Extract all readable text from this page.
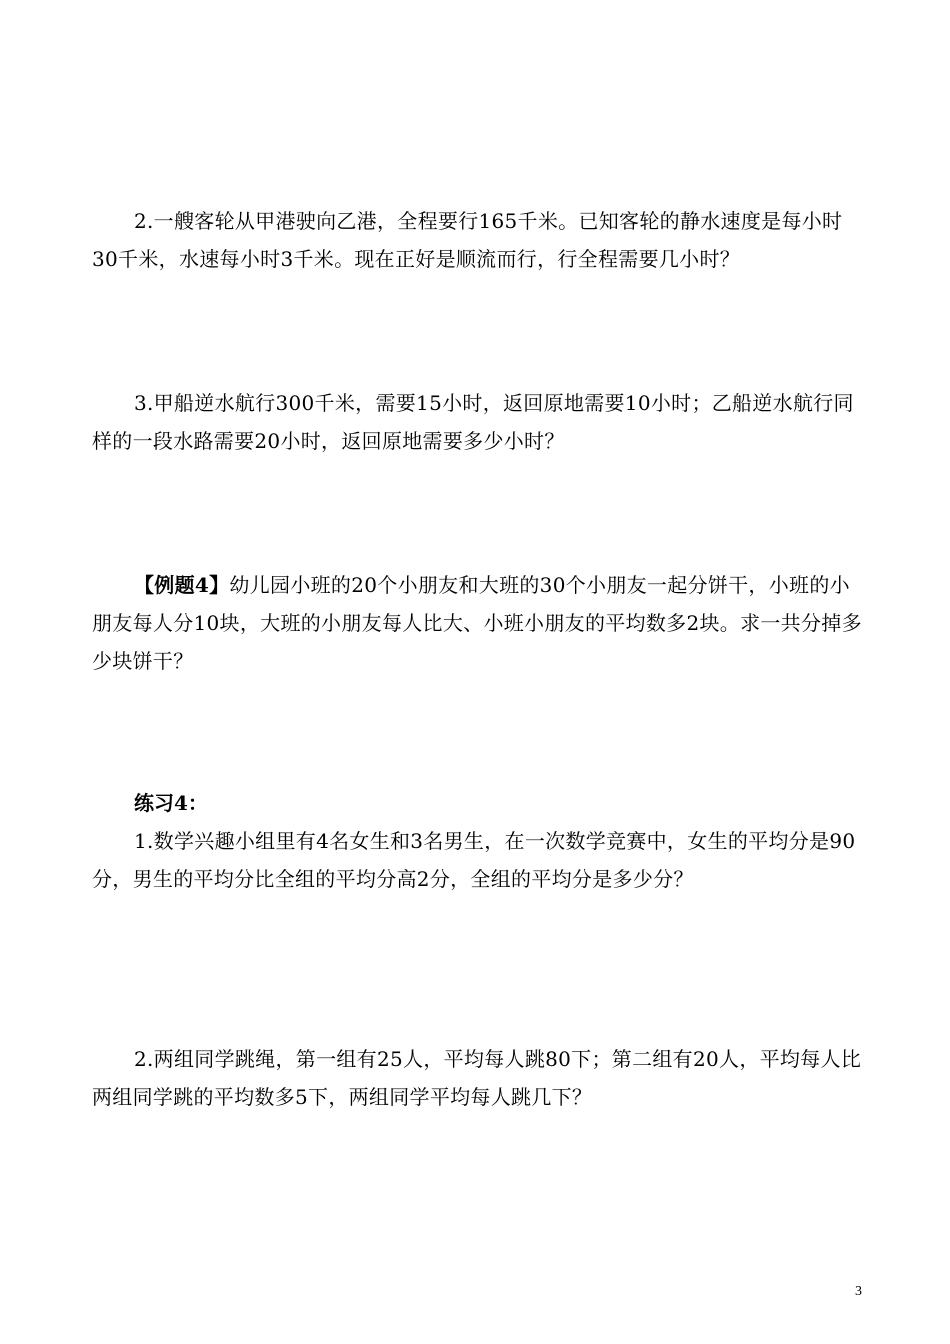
2.一艘客轮从甲港驶向乙港，全程要行165千米。已知客轮的静水速度是每小时30千米，水速每小时3千米。现在正好是顺流而行，行全程需要几小时？

3.甲船逆水航行300千米，需要15小时，返回原地需要10小时；乙船逆水航行同样的一段水路需要20小时，返回原地需要多少小时？

【例题4】幼儿园小班的20个小朋友和大班的30个小朋友一起分饼干，小班的小朋友每人分10块，大班的小朋友每人比大、小班小朋友的平均数多2块。求一共分掉多少块饼干？

练习4：

1.数学兴趣小组里有4名女生和3名男生，在一次数学竞赛中，女生的平均分是90分，男生的平均分比全组的平均分高2分，全组的平均分是多少分？

2.两组同学跳绳，第一组有25人，平均每人跳80下；第二组有20人，平均每人比两组同学跳的平均数多5下，两组同学平均每人跳几下？

3
